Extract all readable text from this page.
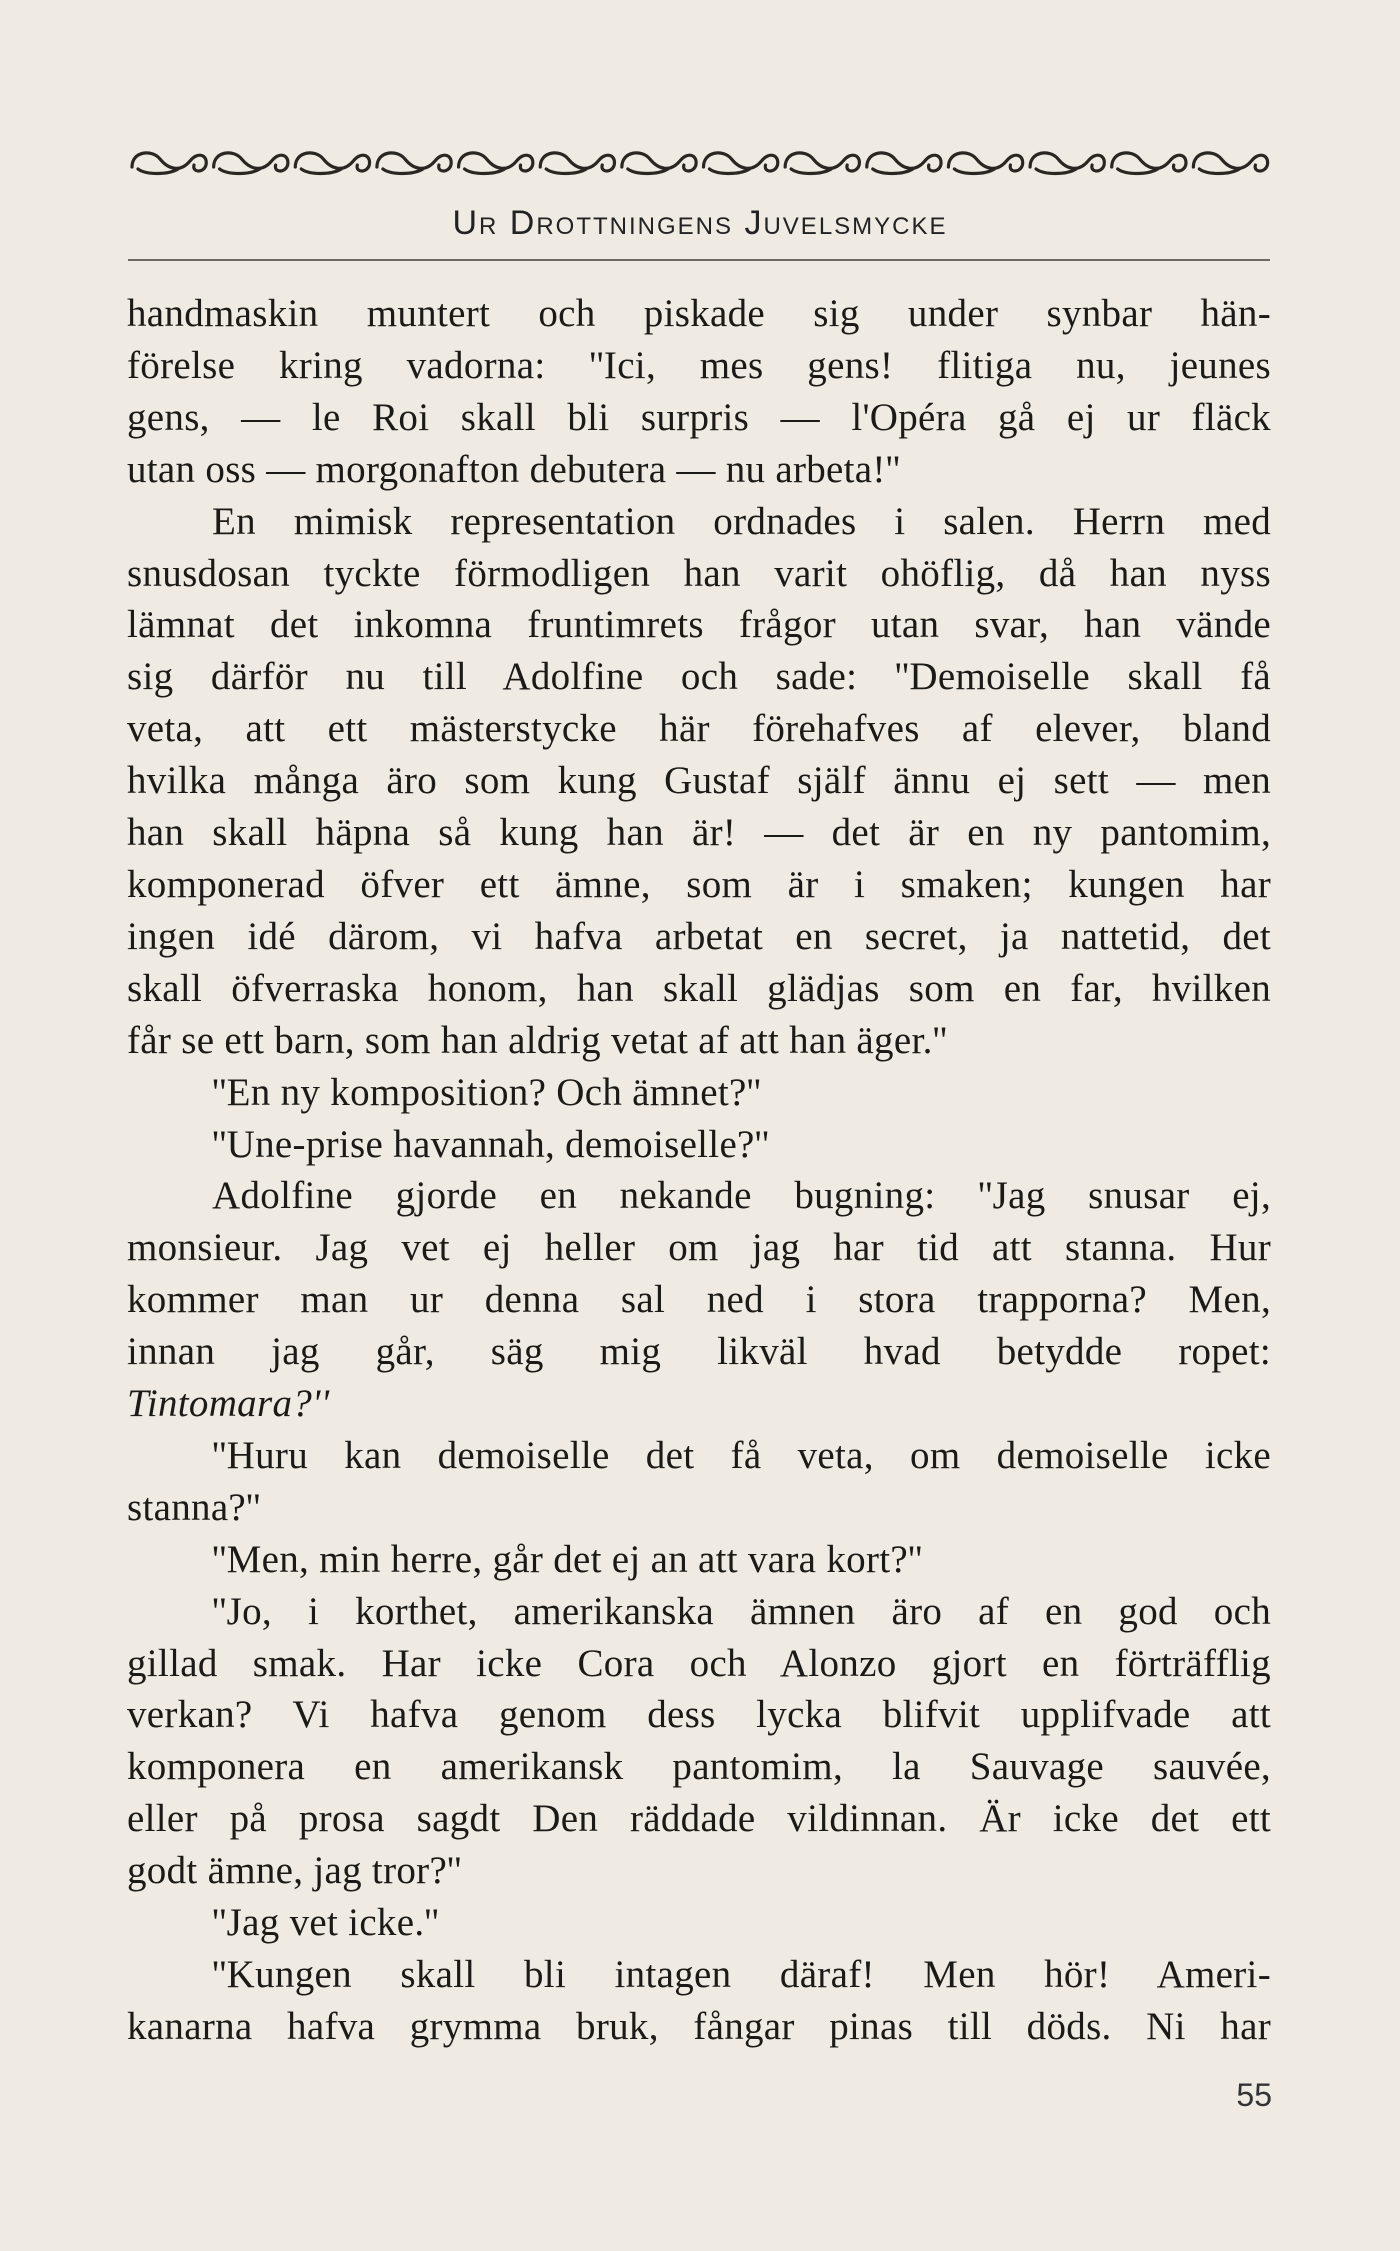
Ur Drottningens Juvelsmycke

handmaskin muntert och piskade sig under synbar hän-

förelse kring vadorna: ''Ici, mes gens! flitiga nu, jeunes

gens, — le Roi skall bli surpris — l'Opéra gå ej ur fläck

utan oss — morgonafton debutera — nu arbeta!''

En mimisk representation ordnades i salen. Herrn med

snusdosan tyckte förmodligen han varit ohöflig, då han nyss

lämnat det inkomna fruntimrets frågor utan svar, han vände

sig därför nu till Adolfine och sade: ''Demoiselle skall få

veta, att ett mästerstycke här förehafves af elever, bland

hvilka många äro som kung Gustaf själf ännu ej sett — men

han skall häpna så kung han är! — det är en ny pantomim,

komponerad öfver ett ämne, som är i smaken; kungen har

ingen idé därom, vi hafva arbetat en secret, ja nattetid, det

skall öfverraska honom, han skall glädjas som en far, hvilken

får se ett barn, som han aldrig vetat af att han äger.''

''En ny komposition? Och ämnet?''

''Une-prise havannah, demoiselle?''

Adolfine gjorde en nekande bugning: ''Jag snusar ej,

monsieur. Jag vet ej heller om jag har tid att stanna. Hur

kommer man ur denna sal ned i stora trapporna? Men,

innan jag går, säg mig likväl hvad betydde ropet:

Tintomara?''

''Huru kan demoiselle det få veta, om demoiselle icke

stanna?''

''Men, min herre, går det ej an att vara kort?''

''Jo, i korthet, amerikanska ämnen äro af en god och

gillad smak. Har icke Cora och Alonzo gjort en förträfflig

verkan? Vi hafva genom dess lycka blifvit upplifvade att

komponera en amerikansk pantomim, la Sauvage sauvée,

eller på prosa sagdt Den räddade vildinnan. Är icke det ett

godt ämne, jag tror?''

''Jag vet icke.''

''Kungen skall bli intagen däraf! Men hör! Ameri-

kanarna hafva grymma bruk, fångar pinas till döds. Ni har

55
